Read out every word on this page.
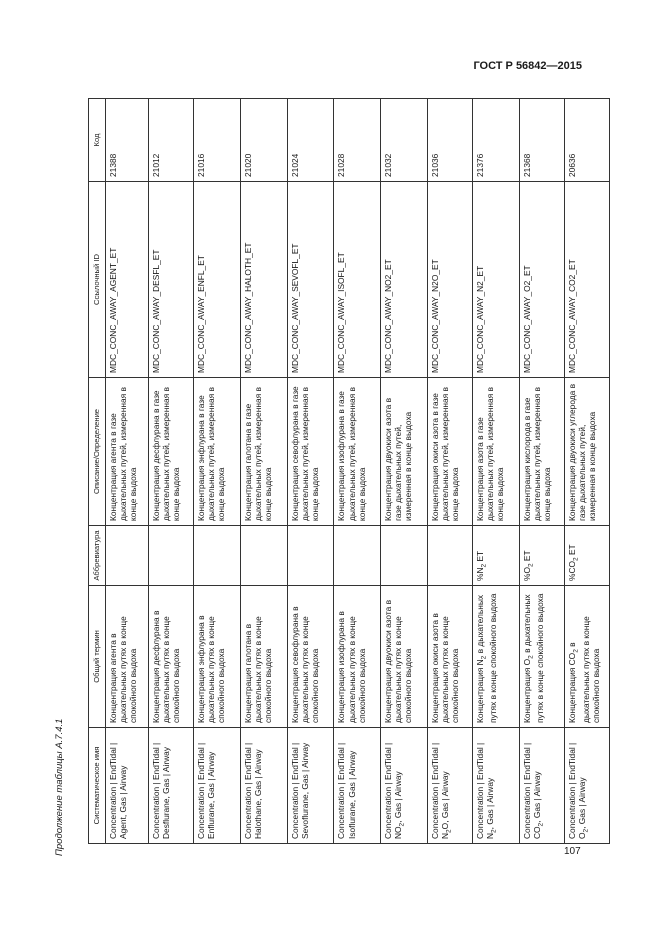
ГОСТ Р 56842—2015
Продолжение таблицы А.7.4.1	107
Систематическое имя	Общий термин	Аббревиатура	Описание/Определение	Ссылочный ID	Код
Concentration | EndTidal | Agent, Gas | Airway	Концентрация агента в дыхательных путях в конце спокойного выдоха		Концентрация агента в газе дыхательных путей, измеренная в конце выдоха	MDC_CONC_AWAY_AGENT_ET	21388
Concentration | EndTidal | Desflurane, Gas | Airway	Концентрация десфлурана в дыхательных путях в конце спокойного выдоха		Концентрация десфлурана в газе дыхательных путей, измеренная в конце выдоха	MDC_CONC_AWAY_DESFL_ET	21012
Concentration | EndTidal | Enflurane, Gas | Airway	Концентрация энфлурана в дыхательных путях в конце спокойного выдоха		Концентрация энфлурана в газе дыхательных путей, измеренная в конце выдоха	MDC_CONC_AWAY_ENFL_ET	21016
Concentration | EndTidal | Halothane, Gas | Airway	Концентрация галотана в дыхательных путях в конце спокойного выдоха		Концентрация галотана в газе дыхательных путей, измеренная в конце выдоха	MDC_CONC_AWAY_HALOTH_ET	21020
Concentration | EndTidal | Sevoflurane, Gas | Airway	Концентрация севофлурана в дыхательных путях в конце спокойного выдоха		Концентрация севофлурана в газе дыхательных путей, измеренная в конце выдоха	MDC_CONC_AWAY_SEVOFL_ET	21024
Concentration | EndTidal | Isoflurane, Gas | Airway	Концентрация изофлурана в дыхательных путях в конце спокойного выдоха		Концентрация изофлурана в газе дыхательных путей, измеренная в конце выдоха	MDC_CONC_AWAY_ISOFL_ET	21028
Concentration | EndTidal | $NO_2$, Gas | Airway	Концентрация двуокиси азота в дыхательных путях в конце спокойного выдоха		Концентрация двуокиси азота в газе дыхательных путей, измеренная в конце выдоха	MDC_CONC_AWAY_NO2_ET	21032
Concentration | EndTidal | $N_2O$, Gas | Airway	Концентрация окиси азота в дыхательных путях в конце спокойного выдоха		Концентрация окиси азота в газе дыхательных путей, измеренная в конце выдоха	MDC_CONC_AWAY_N2O_ET	21036
Concentration | EndTidal | $N_2$, Gas | Airway	Концентрация $N_2$ в дыхательных путях в конце спокойного выдоха	$\%N_2$ ET	Концентрация азота в газе дыхательных путей, измеренная в конце выдоха	MDC_CONC_AWAY_N2_ET	21376
Concentration | EndTidal | $CO_2$, Gas | Airway	Концентрация $O_2$ в дыхательных путях в конце спокойного выдоха	$\%O_2$ ET	Концентрация кислорода в газе дыхательных путей, измеренная в конце выдоха	MDC_CONC_AWAY_O2_ET	21368
Concentration | EndTidal | $O_2$, Gas | Airway	Концентрация $CO_2$ в дыхательных путях в конце спокойного выдоха	$\%CO_2$ ET	Концентрация двуокиси углерода в газе дыхательных путей, измеренная в конце выдоха	MDC_CONC_AWAY_CO2_ET	20636
